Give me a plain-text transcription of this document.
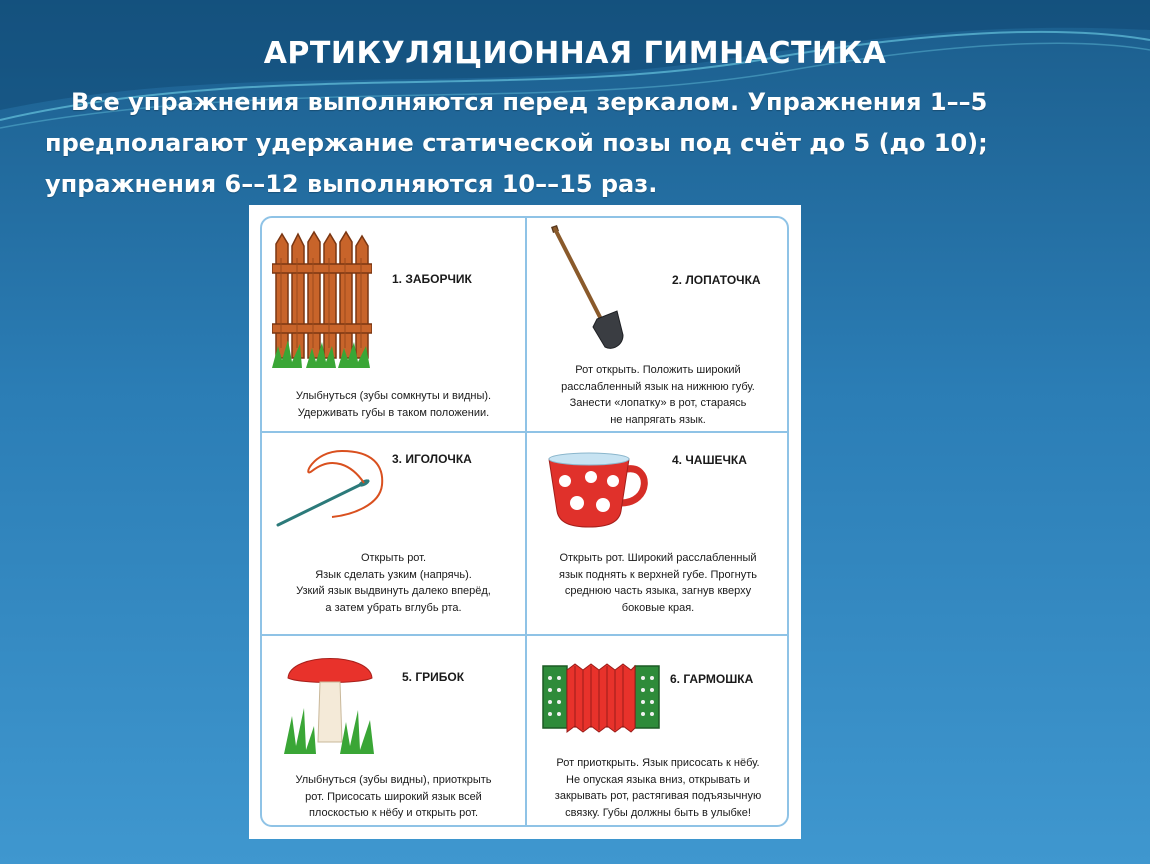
АРТИКУЛЯЦИОННАЯ ГИМНАСТИКА
Все упражнения выполняются перед зеркалом. Упражнения 1––5
предполагают удержание статической позы под счёт до 5 (до 10);
упражнения 6––12 выполняются 10––15 раз.
1. ЗАБОРЧИК
Улыбнуться (зубы сомкнуты и видны).
Удерживать губы в таком положении.
2. ЛОПАТОЧКА
Рот открыть. Положить широкий
расслабленный язык на нижнюю губу.
Занести «лопатку» в рот, стараясь
не напрягать язык.
3. ИГОЛОЧКА
Открыть рот.
Язык сделать узким (напрячь).
Узкий язык выдвинуть далеко вперёд,
а затем убрать вглубь рта.
4. ЧАШЕЧКА
Открыть рот. Широкий расслабленный
язык поднять к верхней губе. Прогнуть
среднюю часть языка, загнув кверху
боковые края.
5. ГРИБОК
Улыбнуться (зубы видны), приоткрыть
рот. Присосать широкий язык всей
плоскостью к нёбу и открыть рот.
6. ГАРМОШКА
Рот приоткрыть. Язык присосать к нёбу.
Не опуская языка вниз, открывать и
закрывать рот, растягивая подъязычную
связку. Губы должны быть в улыбке!
